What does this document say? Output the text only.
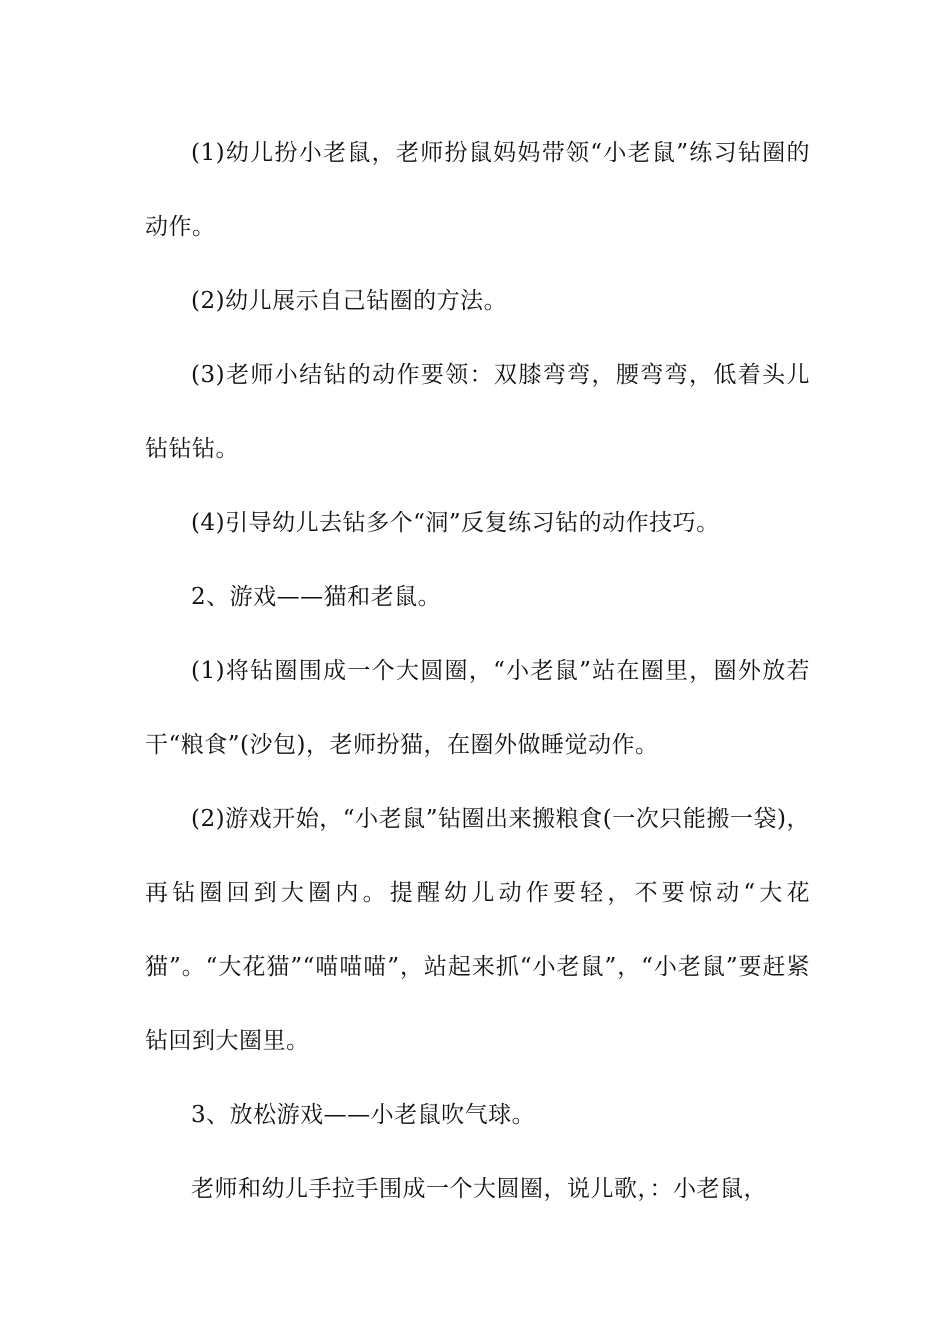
(1)幼儿扮小老鼠，老师扮鼠妈妈带领“小老鼠”练习钻圈的动作。

(2)幼儿展示自己钻圈的方法。

(3)老师小结钻的动作要领：双膝弯弯，腰弯弯，低着头儿钻钻钻。

(4)引导幼儿去钻多个“洞”反复练习钻的动作技巧。

2、游戏——猫和老鼠。

(1)将钻圈围成一个大圆圈，“小老鼠”站在圈里，圈外放若干“粮食”(沙包)，老师扮猫，在圈外做睡觉动作。

(2)游戏开始，“小老鼠”钻圈出来搬粮食(一次只能搬一袋)，再钻圈回到大圈内。提醒幼儿动作要轻，不要惊动“大花猫”。“大花猫”“喵喵喵”，站起来抓“小老鼠”，“小老鼠”要赶紧钻回到大圈里。

3、放松游戏——小老鼠吹气球。

老师和幼儿手拉手围成一个大圆圈，说儿歌，：小老鼠，
